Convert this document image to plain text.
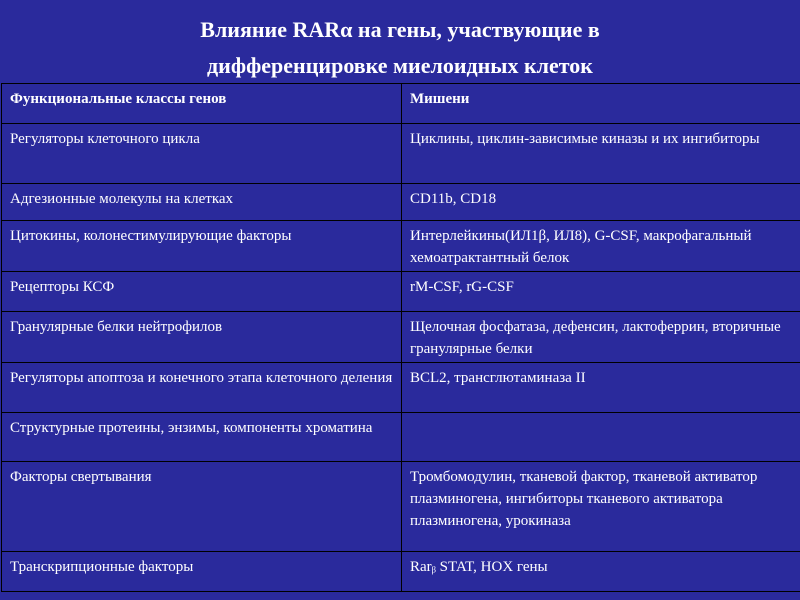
Влияние RARα на гены, участвующие в
дифференцировке миелоидных клеток
Функциональные классы генов	Мишени
Регуляторы клеточного цикла	Циклины, циклин-зависимые киназы и их ингибиторы
Адгезионные молекулы на клетках	CD11b, CD18
Цитокины, колонестимулирующие факторы	Интерлейкины(ИЛ1β, ИЛ8), G-CSF, макрофагальный хемоатрактантный белок
Рецепторы КСФ	rM-CSF, rG-CSF
Гранулярные белки нейтрофилов	Щелочная фосфатаза, дефенсин, лактоферрин, вторичные гранулярные белки
Регуляторы апоптоза и конечного этапа клеточного деления	BCL2, трансглютаминаза II
Структурные протеины, энзимы, компоненты хроматина	
Факторы свертывания	Тромбомодулин, тканевой фактор, тканевой активатор плазминогена, ингибиторы тканевого активатора плазминогена, урокиназа
Транскрипционные факторы	Rarᵦ STAT, HOX гены
